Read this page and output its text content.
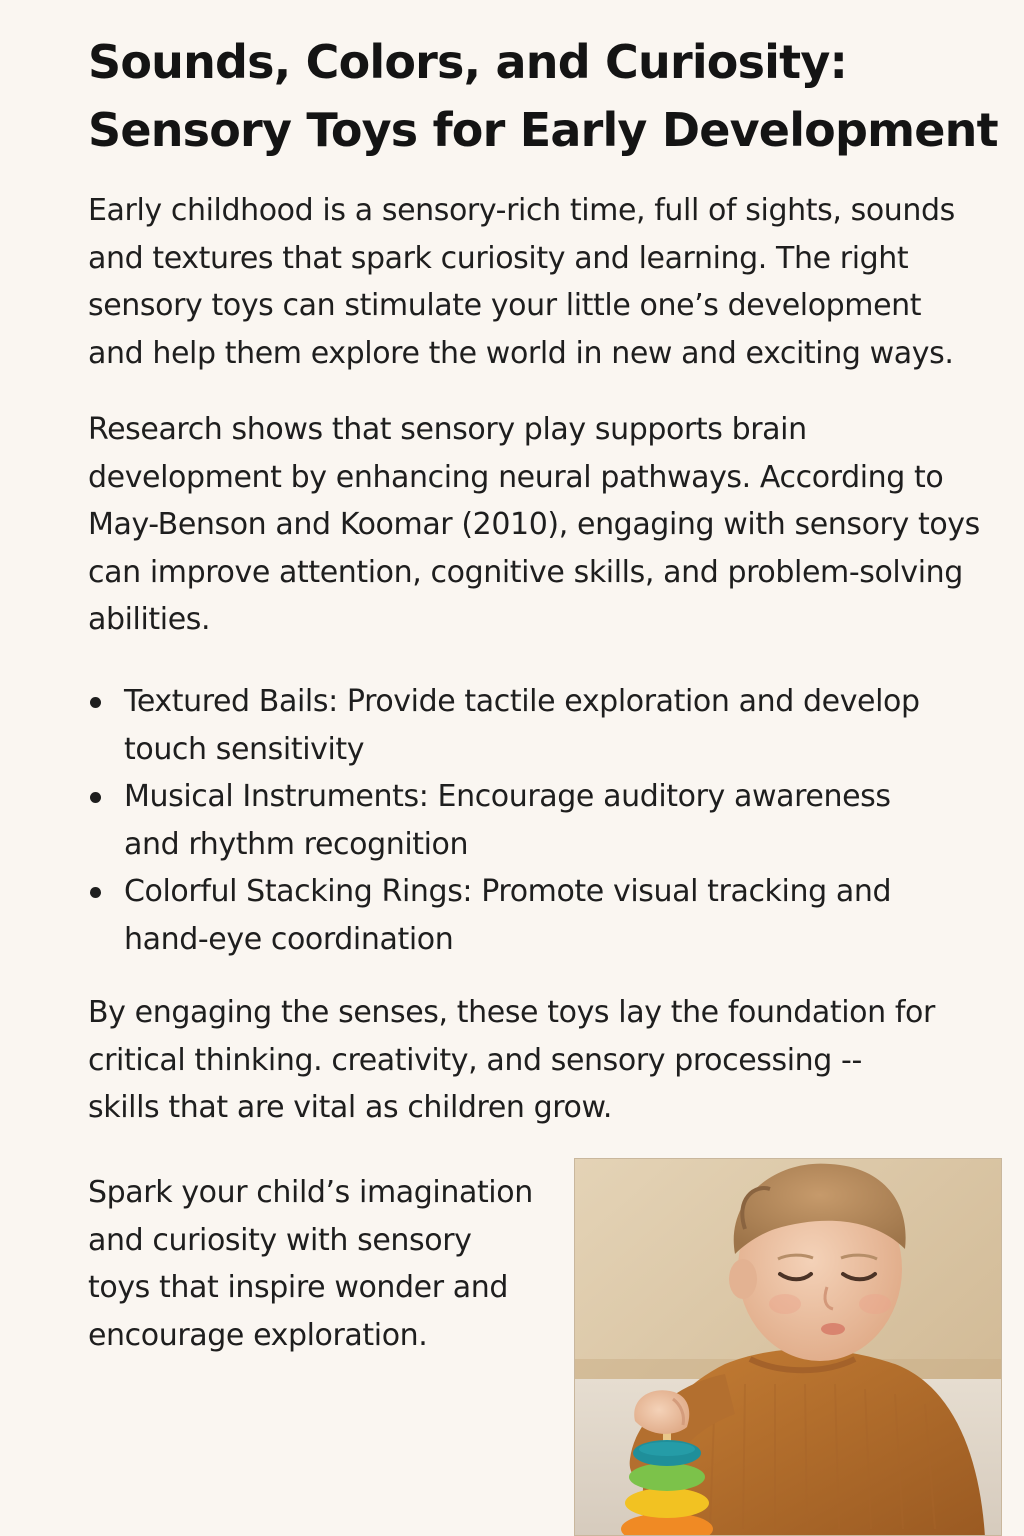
Sounds, Colors, and Curiosity:
Sensory Toys for Early Development

Early childhood is a sensory-rich time, full of sights, sounds
and textures that spark curiosity and learning. The right
sensory toys can stimulate your little one’s development
and help them explore the world in new and exciting ways.

Research shows that sensory play supports brain
development by enhancing neural pathways. According to
May-Benson and Koomar (2010), engaging with sensory toys
can improve attention, cognitive skills, and problem-solving
abilities.

Textured Bails: Provide tactile exploration and develop
touch sensitivity
Musical Instruments: Encourage auditory awareness
and rhythm recognition
Colorful Stacking Rings: Promote visual tracking and
hand-eye coordination

By engaging the senses, these toys lay the foundation for
critical thinking. creativity, and sensory processing --
skills that are vital as children grow.

Spark your child’s imagination
and curiosity with sensory
toys that inspire wonder and
encourage exploration.
